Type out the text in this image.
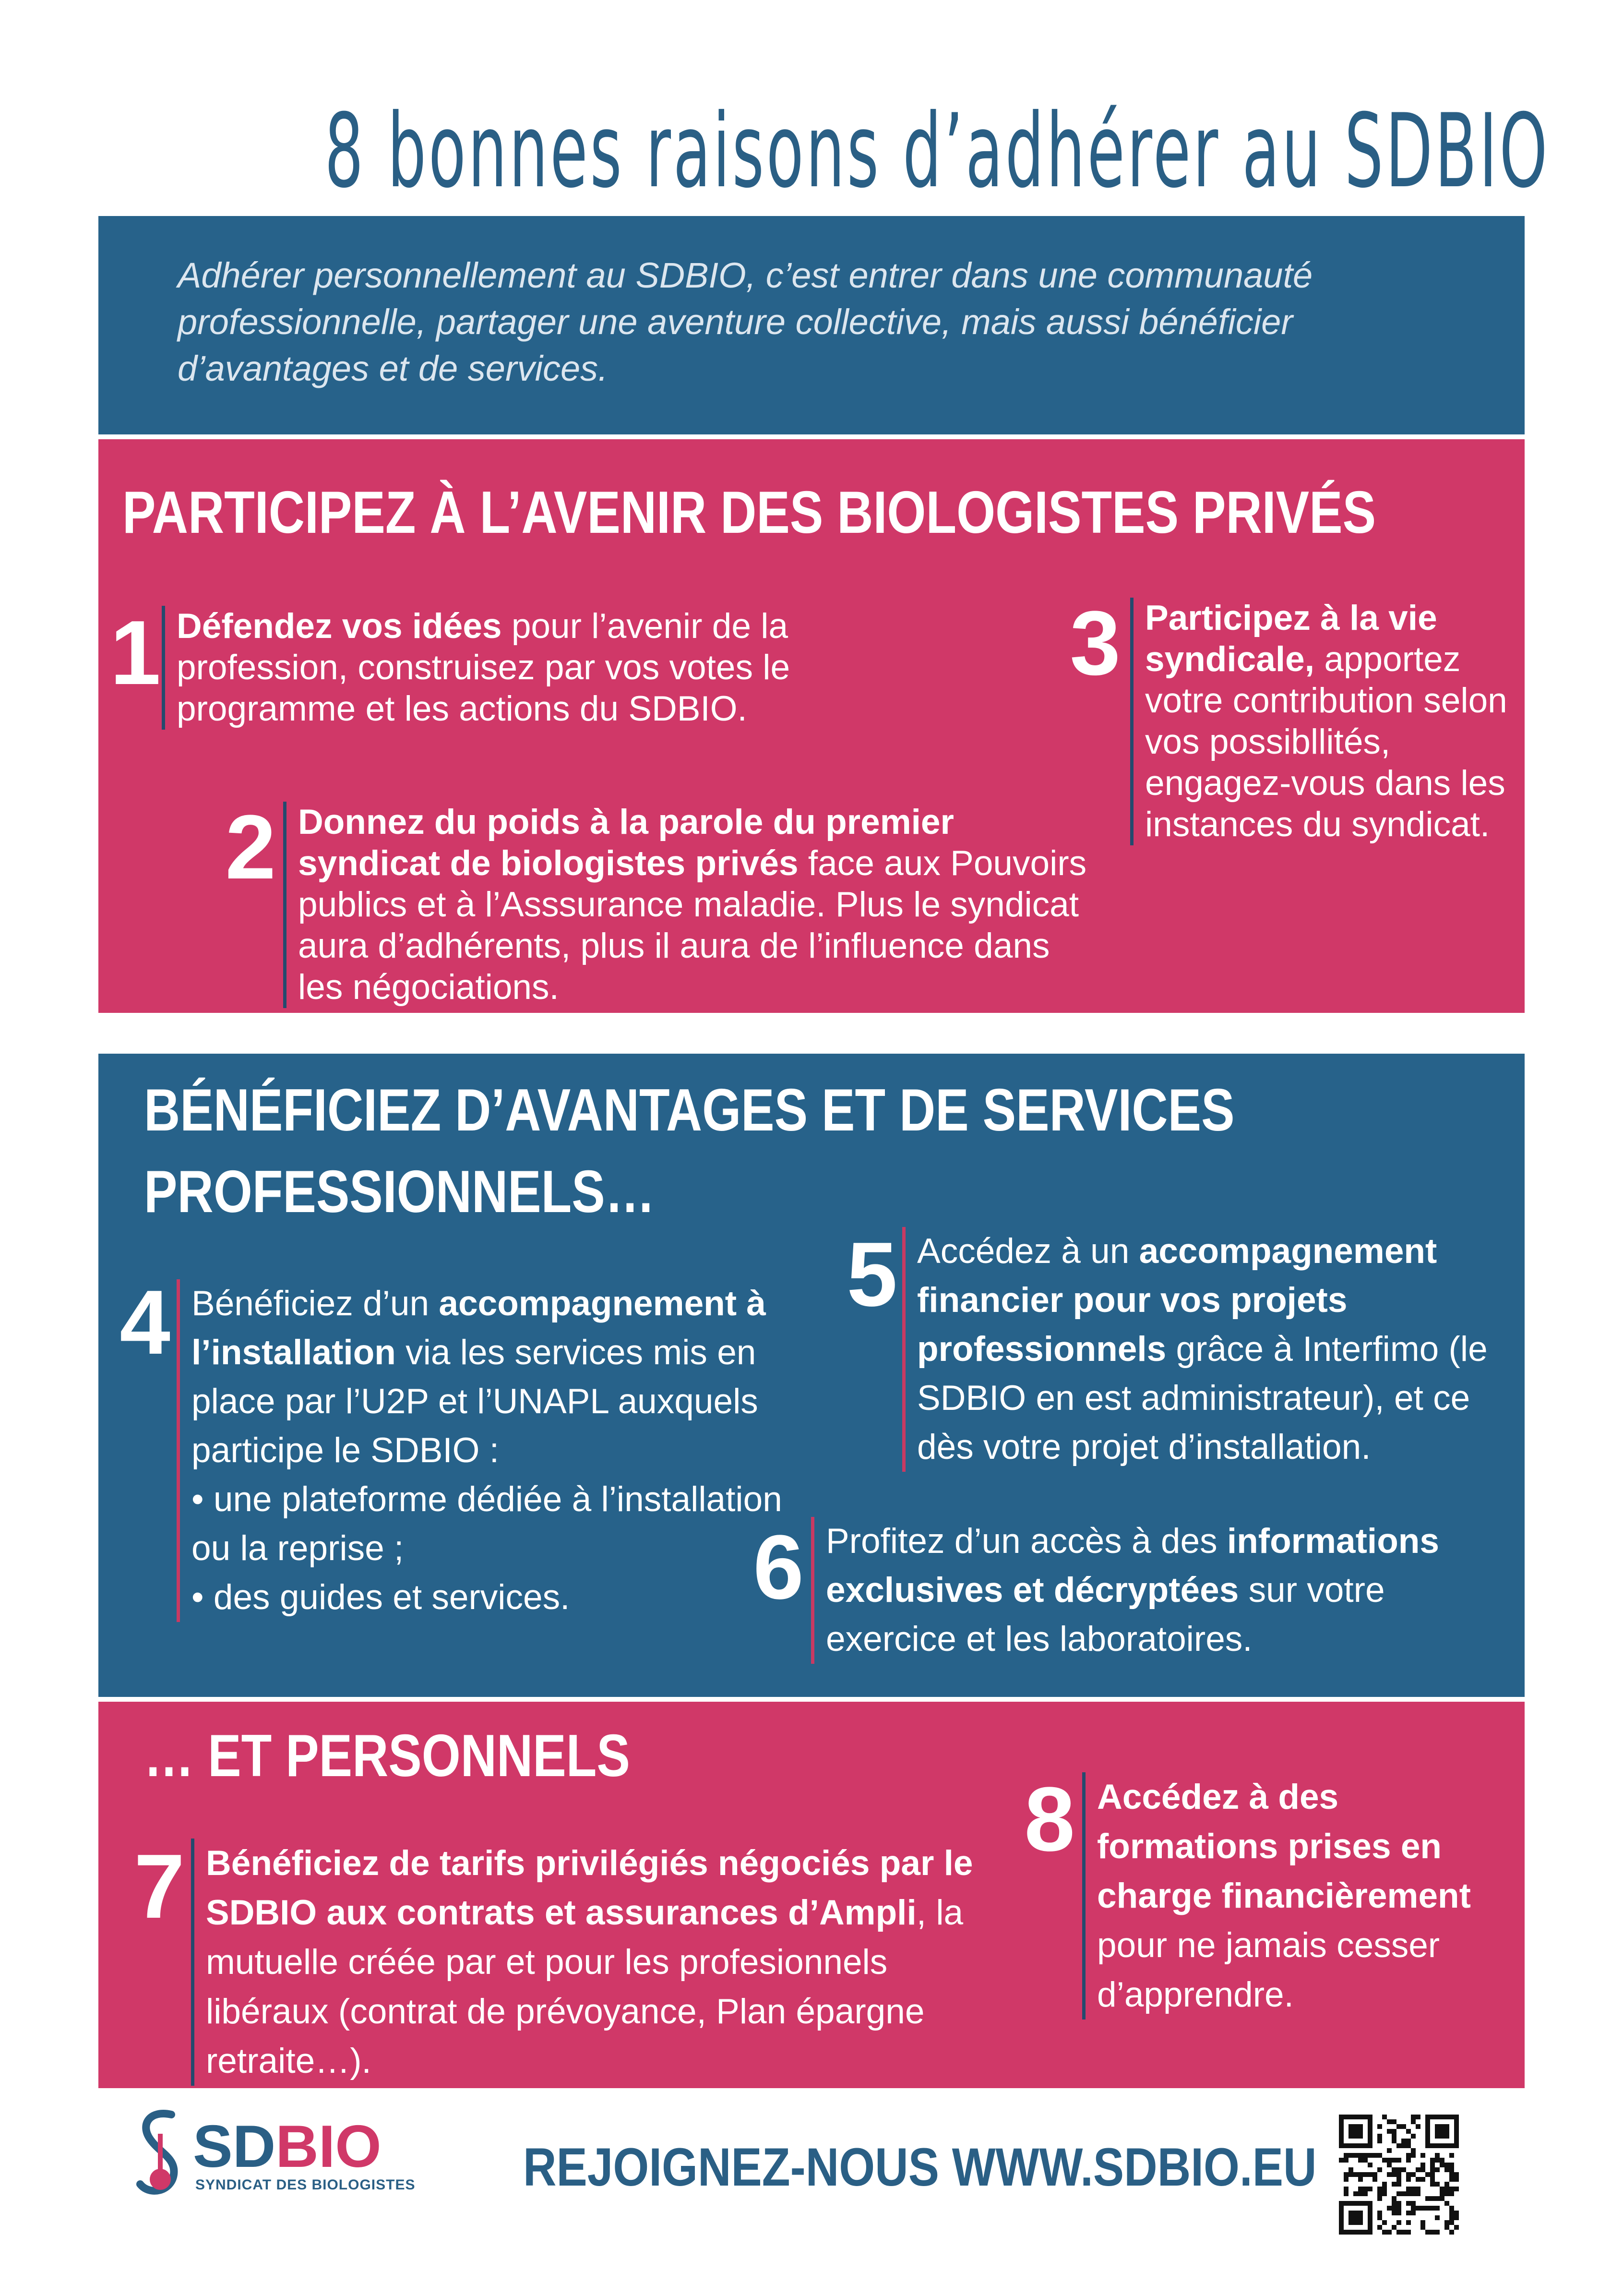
8 bonnes raisons d’adhérer au SDBIO
Adhérer personnellement au SDBIO, c’est entrer dans une communauté professionnelle, partager une aventure collective, mais aussi bénéficier d’avantages et de services.
PARTICIPEZ À L’AVENIR DES BIOLOGISTES PRIVÉS
1 Défendez vos idées pour l’avenir de la profession, construisez par vos votes le programme et les actions du SDBIO.
2 Donnez du poids à la parole du premier syndicat de biologistes privés face aux Pouvoirs publics et à l’Asssurance maladie. Plus le syndicat aura d’adhérents, plus il aura de l’influence dans les négociations.
3 Participez à la vie syndicale, apportez votre contribution selon vos possibllités, engagez-vous dans les instances du syndicat.
BÉNÉFICIEZ D’AVANTAGES ET DE SERVICES
PROFESSIONNELS…
4 Bénéficiez d’un accompagnement à l’installation via les services mis en place par l’U2P et l’UNAPL auxquels participe le SDBIO :
• une plateforme dédiée à l’installation ou la reprise ;
• des guides et services.
5 Accédez à un accompagnement financier pour vos projets professionnels grâce à Interfimo (le SDBIO en est administrateur), et ce dès votre projet d’installation.
6 Profitez d’un accès à des informations exclusives et décryptées sur votre exercice et les laboratoires.
… ET PERSONNELS
7 Bénéficiez de tarifs privilégiés négociés par le SDBIO aux contrats et assurances d’Ampli, la mutuelle créée par et pour les profesionnels libéraux (contrat de prévoyance, Plan épargne retraite…).
8 Accédez à des formations prises en charge financièrement pour ne jamais cesser d’apprendre.
SDBIO
SYNDICAT DES BIOLOGISTES REJOIGNEZ-NOUS WWW.SDBIO.EU
